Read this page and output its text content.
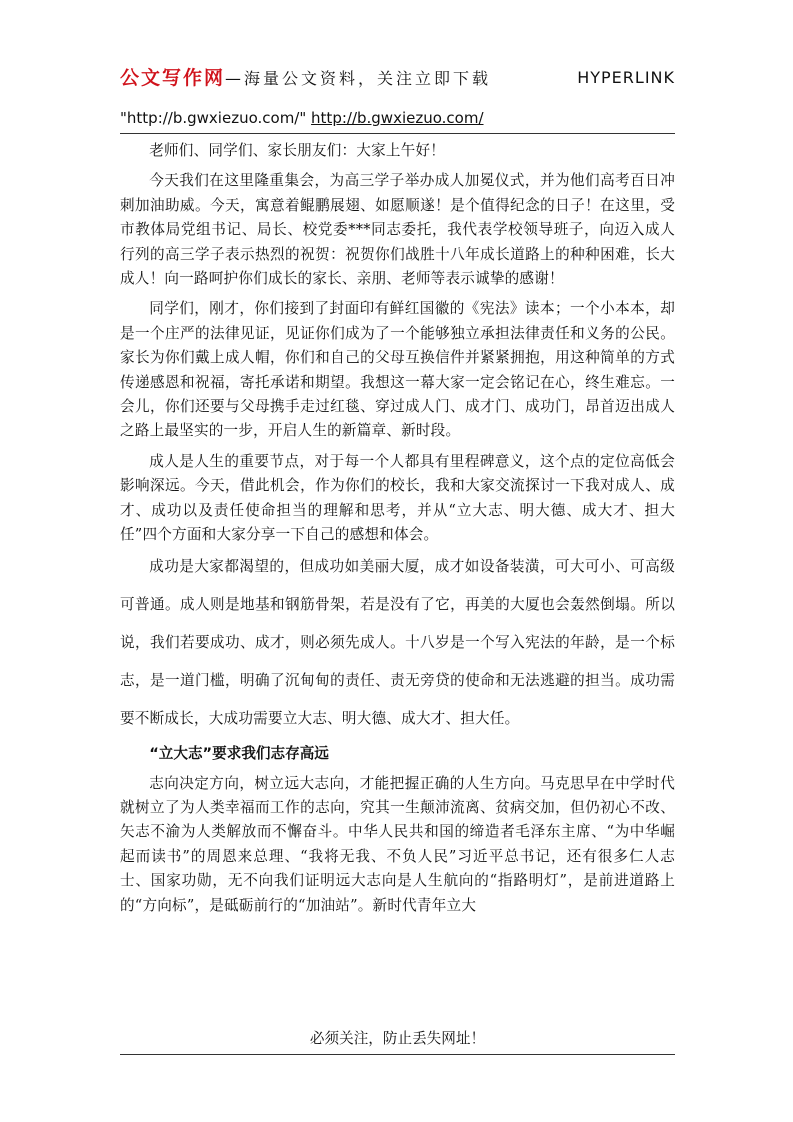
公文写作网—海量公文资料，关注立即下载	HYPERLINK
"http://b.gwxiezuo.com/" http://b.gwxiezuo.com/

老师们、同学们、家长朋友们：大家上午好！

今天我们在这里隆重集会，为高三学子举办成人加冕仪式，并为他们高考百日冲刺加油助威。今天，寓意着鲲鹏展翅、如愿顺遂！是个值得纪念的日子！在这里，受市教体局党组书记、局长、校党委***同志委托，我代表学校领导班子，向迈入成人行列的高三学子表示热烈的祝贺：祝贺你们战胜十八年成长道路上的种种困难，长大成人！向一路呵护你们成长的家长、亲朋、老师等表示诚挚的感谢！

同学们，刚才，你们接到了封面印有鲜红国徽的《宪法》读本；一个小本本，却是一个庄严的法律见证，见证你们成为了一个能够独立承担法律责任和义务的公民。家长为你们戴上成人帽，你们和自己的父母互换信件并紧紧拥抱，用这种简单的方式传递感恩和祝福，寄托承诺和期望。我想这一幕大家一定会铭记在心，终生难忘。一会儿，你们还要与父母携手走过红毯、穿过成人门、成才门、成功门，昂首迈出成人之路上最坚实的一步，开启人生的新篇章、新时段。

成人是人生的重要节点，对于每一个人都具有里程碑意义，这个点的定位高低会影响深远。今天，借此机会，作为你们的校长，我和大家交流探讨一下我对成人、成才、成功以及责任使命担当的理解和思考，并从“立大志、明大德、成大才、担大任”四个方面和大家分享一下自己的感想和体会。

成功是大家都渴望的，但成功如美丽大厦，成才如设备装潢，可大可小、可高级可普通。成人则是地基和钢筋骨架，若是没有了它，再美的大厦也会轰然倒塌。所以说，我们若要成功、成才，则必须先成人。十八岁是一个写入宪法的年龄，是一个标志，是一道门槛，明确了沉甸甸的责任、责无旁贷的使命和无法逃避的担当。成功需要不断成长，大成功需要立大志、明大德、成大才、担大任。

“立大志”要求我们志存高远

志向决定方向，树立远大志向，才能把握正确的人生方向。马克思早在中学时代就树立了为人类幸福而工作的志向，究其一生颠沛流离、贫病交加，但仍初心不改、矢志不渝为人类解放而不懈奋斗。中华人民共和国的缔造者毛泽东主席、“为中华崛起而读书”的周恩来总理、“我将无我、不负人民”习近平总书记，还有很多仁人志士、国家功勋，无不向我们证明远大志向是人生航向的“指路明灯”，是前进道路上的“方向标”，是砥砺前行的“加油站”。新时代青年立大

必须关注，防止丢失网址！
